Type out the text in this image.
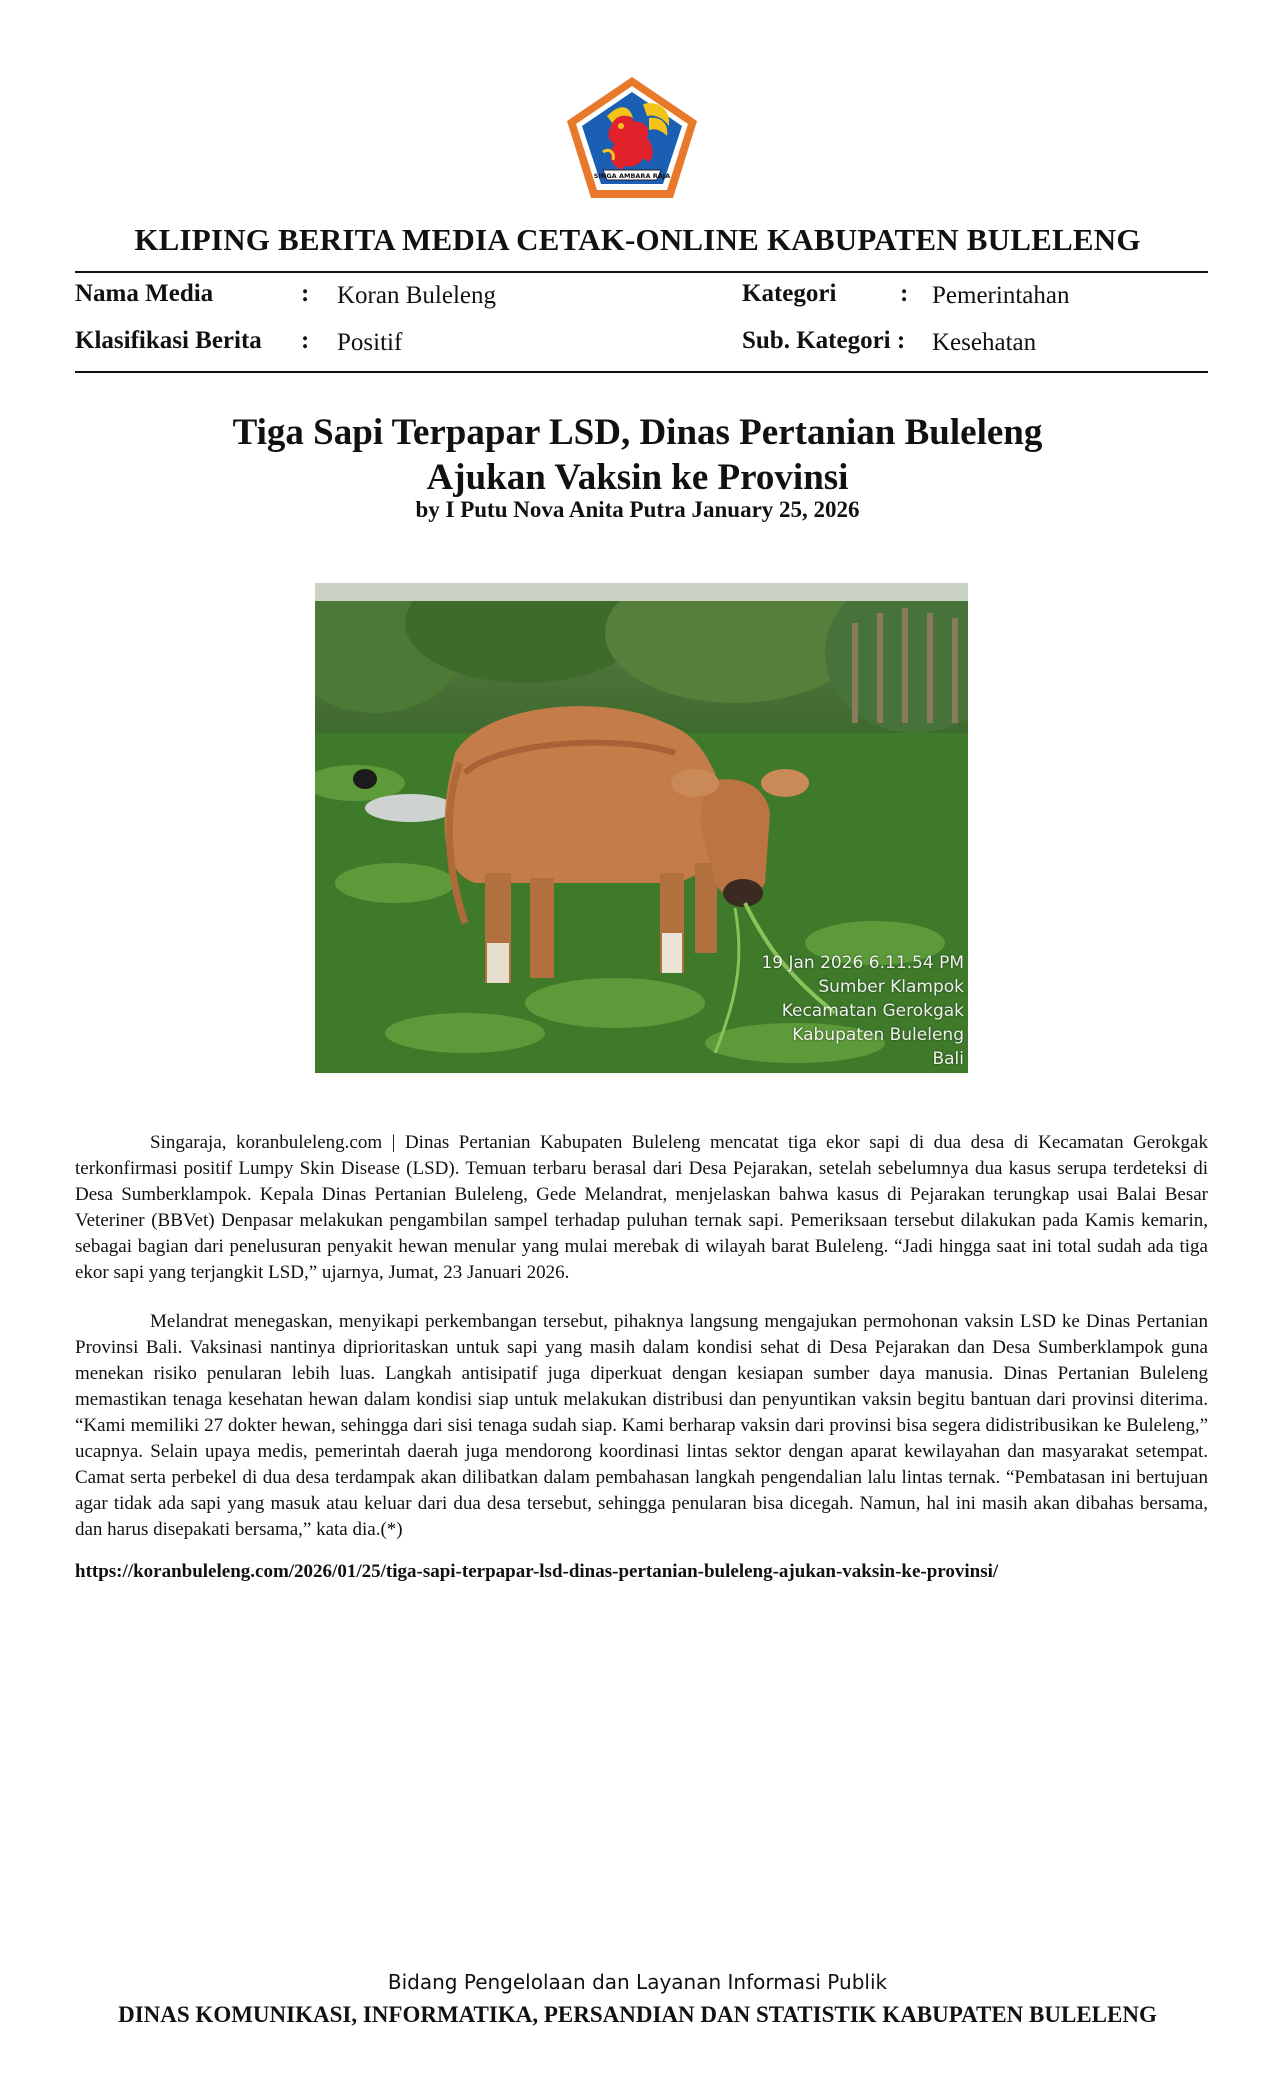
SINGA AMBARA RAJA
KLIPING BERITA MEDIA CETAK-ONLINE KABUPATEN BULELENG
Nama Media	: Koran Buleleng	Kategori	: Pemerintahan
Klasifikasi Berita : Positif	Sub. Kategori : Kesehatan
Tiga Sapi Terpapar LSD, Dinas Pertanian Buleleng
Ajukan Vaksin ke Provinsi
by I Putu Nova Anita Putra January 25, 2026
19 Jan 2026 6.11.54 PM
Sumber Klampok
Kecamatan Gerokgak
Kabupaten Buleleng
Bali

Singaraja, koranbuleleng.com | Dinas Pertanian Kabupaten Buleleng mencatat tiga ekor sapi di dua desa di Kecamatan Gerokgak terkonfirmasi positif Lumpy Skin Disease (LSD). Temuan terbaru berasal dari Desa Pejarakan, setelah sebelumnya dua kasus serupa terdeteksi di Desa Sumberklampok. Kepala Dinas Pertanian Buleleng, Gede Melandrat, menjelaskan bahwa kasus di Pejarakan terungkap usai Balai Besar Veteriner (BBVet) Denpasar melakukan pengambilan sampel terhadap puluhan ternak sapi. Pemeriksaan tersebut dilakukan pada Kamis kemarin, sebagai bagian dari penelusuran penyakit hewan menular yang mulai merebak di wilayah barat Buleleng. “Jadi hingga saat ini total sudah ada tiga ekor sapi yang terjangkit LSD,” ujarnya, Jumat, 23 Januari 2026.

Melandrat menegaskan, menyikapi perkembangan tersebut, pihaknya langsung mengajukan permohonan vaksin LSD ke Dinas Pertanian Provinsi Bali. Vaksinasi nantinya diprioritaskan untuk sapi yang masih dalam kondisi sehat di Desa Pejarakan dan Desa Sumberklampok guna menekan risiko penularan lebih luas. Langkah antisipatif juga diperkuat dengan kesiapan sumber daya manusia. Dinas Pertanian Buleleng memastikan tenaga kesehatan hewan dalam kondisi siap untuk melakukan distribusi dan penyuntikan vaksin begitu bantuan dari provinsi diterima. “Kami memiliki 27 dokter hewan, sehingga dari sisi tenaga sudah siap. Kami berharap vaksin dari provinsi bisa segera didistribusikan ke Buleleng,” ucapnya. Selain upaya medis, pemerintah daerah juga mendorong koordinasi lintas sektor dengan aparat kewilayahan dan masyarakat setempat. Camat serta perbekel di dua desa terdampak akan dilibatkan dalam pembahasan langkah pengendalian lalu lintas ternak. “Pembatasan ini bertujuan agar tidak ada sapi yang masuk atau keluar dari dua desa tersebut, sehingga penularan bisa dicegah. Namun, hal ini masih akan dibahas bersama, dan harus disepakati bersama,” kata dia.(*)

https://koranbuleleng.com/2026/01/25/tiga-sapi-terpapar-lsd-dinas-pertanian-buleleng-ajukan-vaksin-ke-provinsi/
Bidang Pengelolaan dan Layanan Informasi Publik
DINAS KOMUNIKASI, INFORMATIKA, PERSANDIAN DAN STATISTIK KABUPATEN BULELENG
